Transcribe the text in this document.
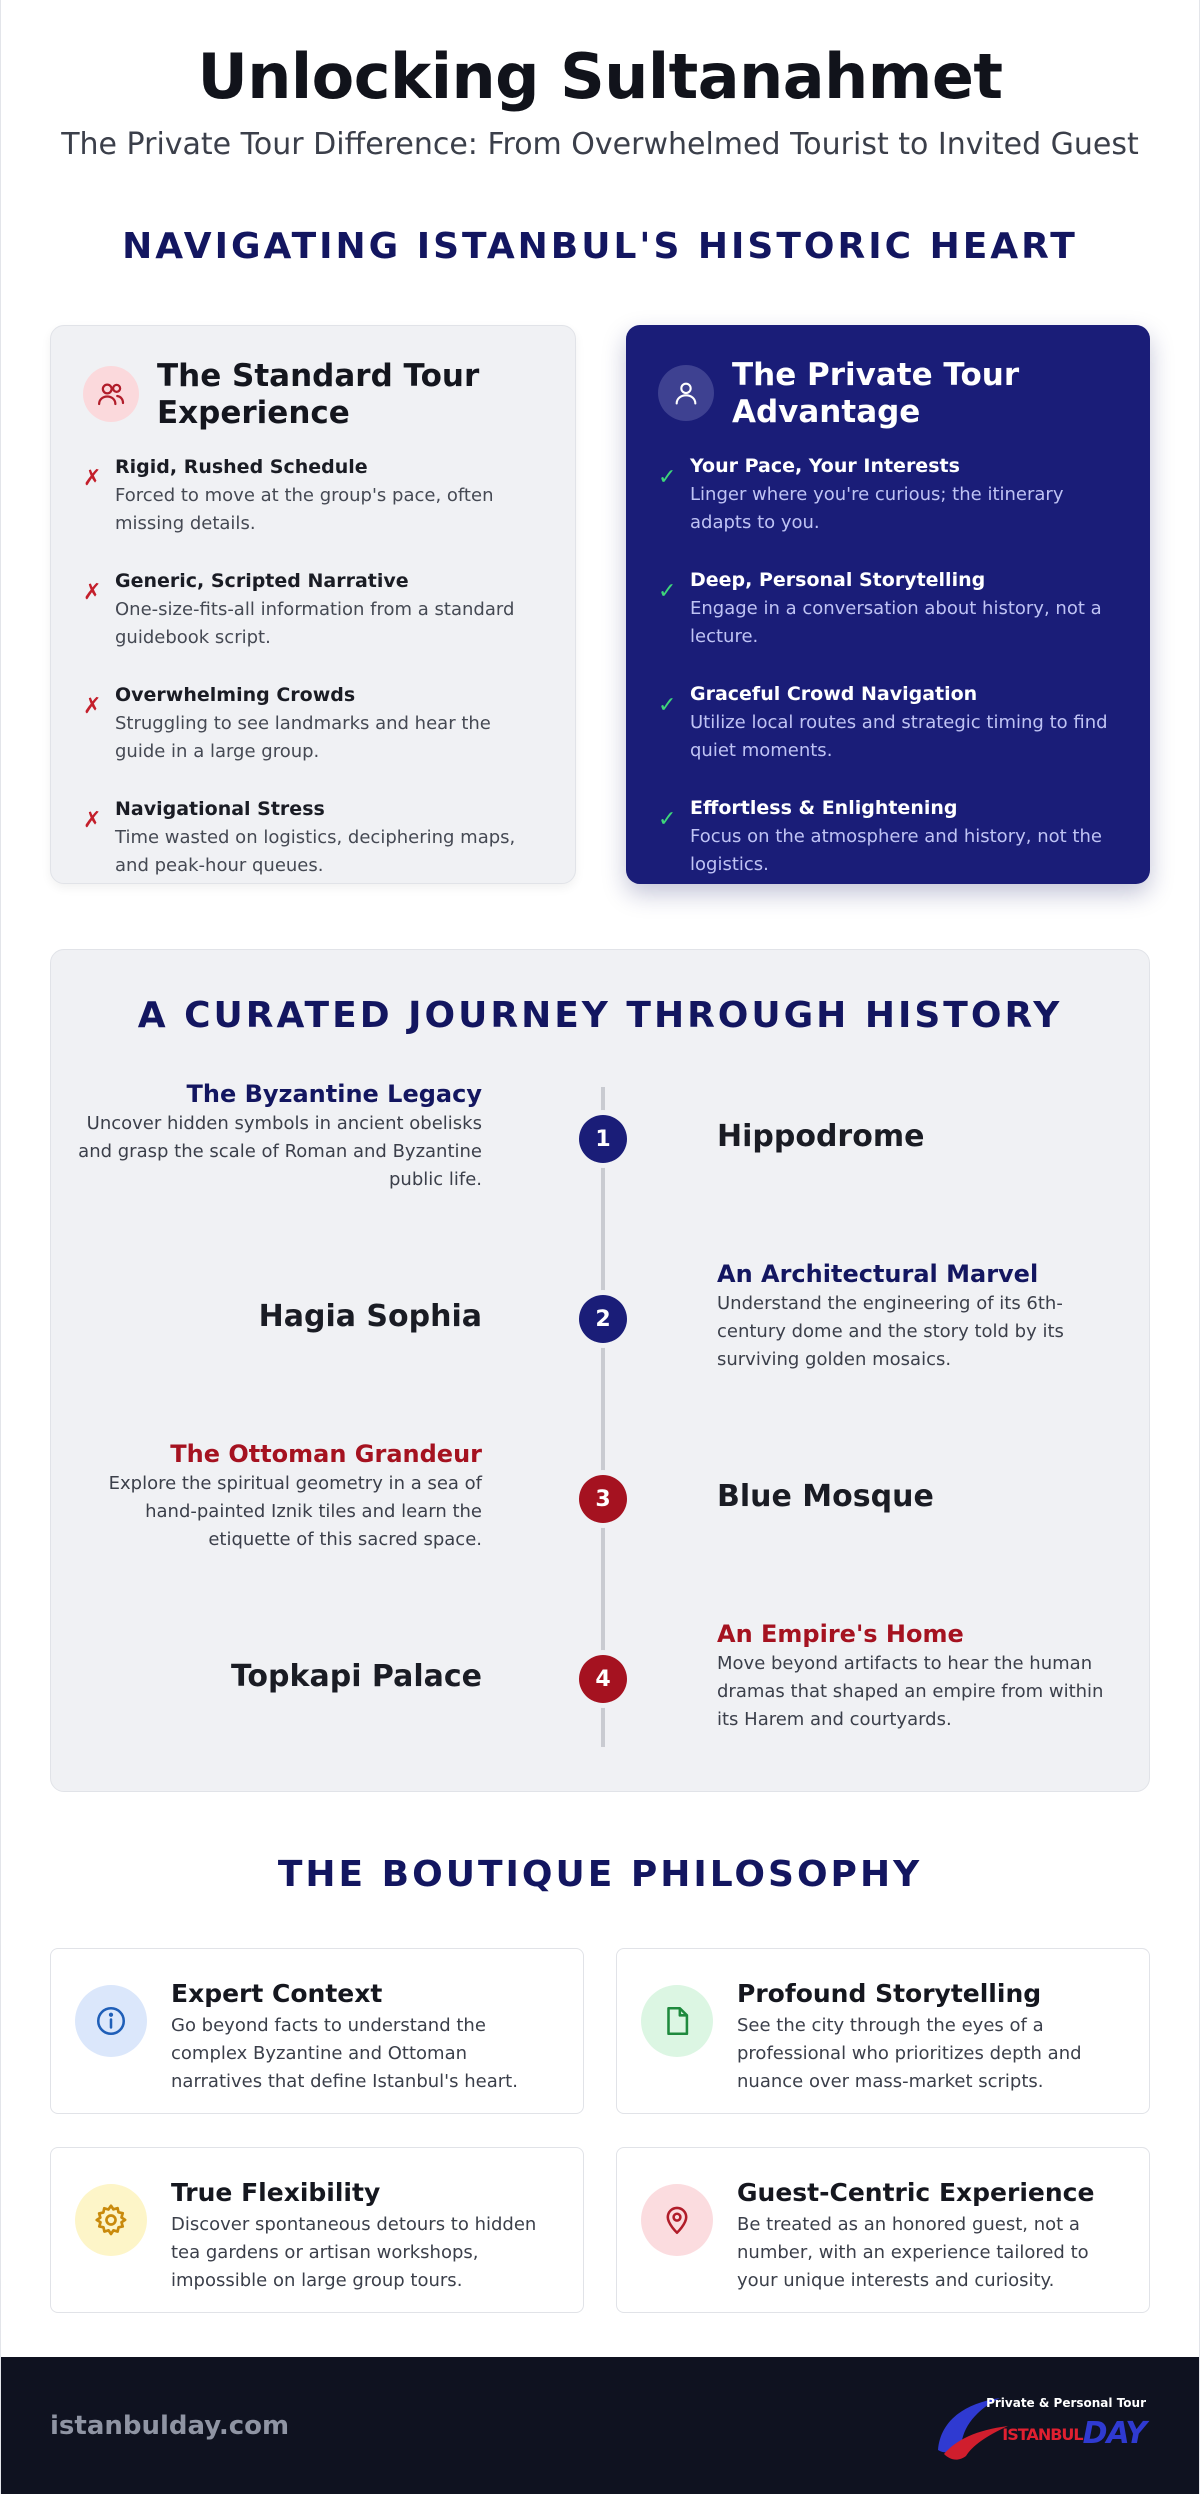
Unlocking Sultanahmet

The Private Tour Difference: From Overwhelmed Tourist to Invited Guest

NAVIGATING ISTANBUL'S HISTORIC HEART
The Standard Tour Experience
✗ Rigid, Rushed Schedule
Forced to move at the group's pace, often missing details.
✗ Generic, Scripted Narrative
One-size-fits-all information from a standard guidebook script.
✗ Overwhelming Crowds
Struggling to see landmarks and hear the guide in a large group.
✗ Navigational Stress
Time wasted on logistics, deciphering maps, and peak-hour queues.
The Private Tour Advantage
✓ Your Pace, Your Interests
Linger where you're curious; the itinerary adapts to you.
✓ Deep, Personal Storytelling
Engage in a conversation about history, not a lecture.
✓ Graceful Crowd Navigation
Utilize local routes and strategic timing to find quiet moments.
✓ Effortless & Enlightening
Focus on the atmosphere and history, not the logistics.
A CURATED JOURNEY THROUGH HISTORY
The Byzantine Legacy
Uncover hidden symbols in ancient obelisks and grasp the scale of Roman and Byzantine public life.
1	Hippodrome
Hagia Sophia	2
An Architectural Marvel
Understand the engineering of its 6th-century dome and the story told by its surviving golden mosaics.
The Ottoman Grandeur
Explore the spiritual geometry in a sea of hand-painted Iznik tiles and learn the etiquette of this sacred space.
3	Blue Mosque
Topkapi Palace	4
An Empire's Home
Move beyond artifacts to hear the human dramas that shaped an empire from within its Harem and courtyards.
THE BOUTIQUE PHILOSOPHY
Expert Context
Go beyond facts to understand the complex Byzantine and Ottoman narratives that define Istanbul's heart.
Profound Storytelling
See the city through the eyes of a professional who prioritizes depth and nuance over mass-market scripts.
True Flexibility
Discover spontaneous detours to hidden tea gardens or artisan workshops, impossible on large group tours.
Guest-Centric Experience
Be treated as an honored guest, not a number, with an experience tailored to your unique interests and curiosity.
istanbulday.com
Private & Personal Tour
ISTANBULDAY
